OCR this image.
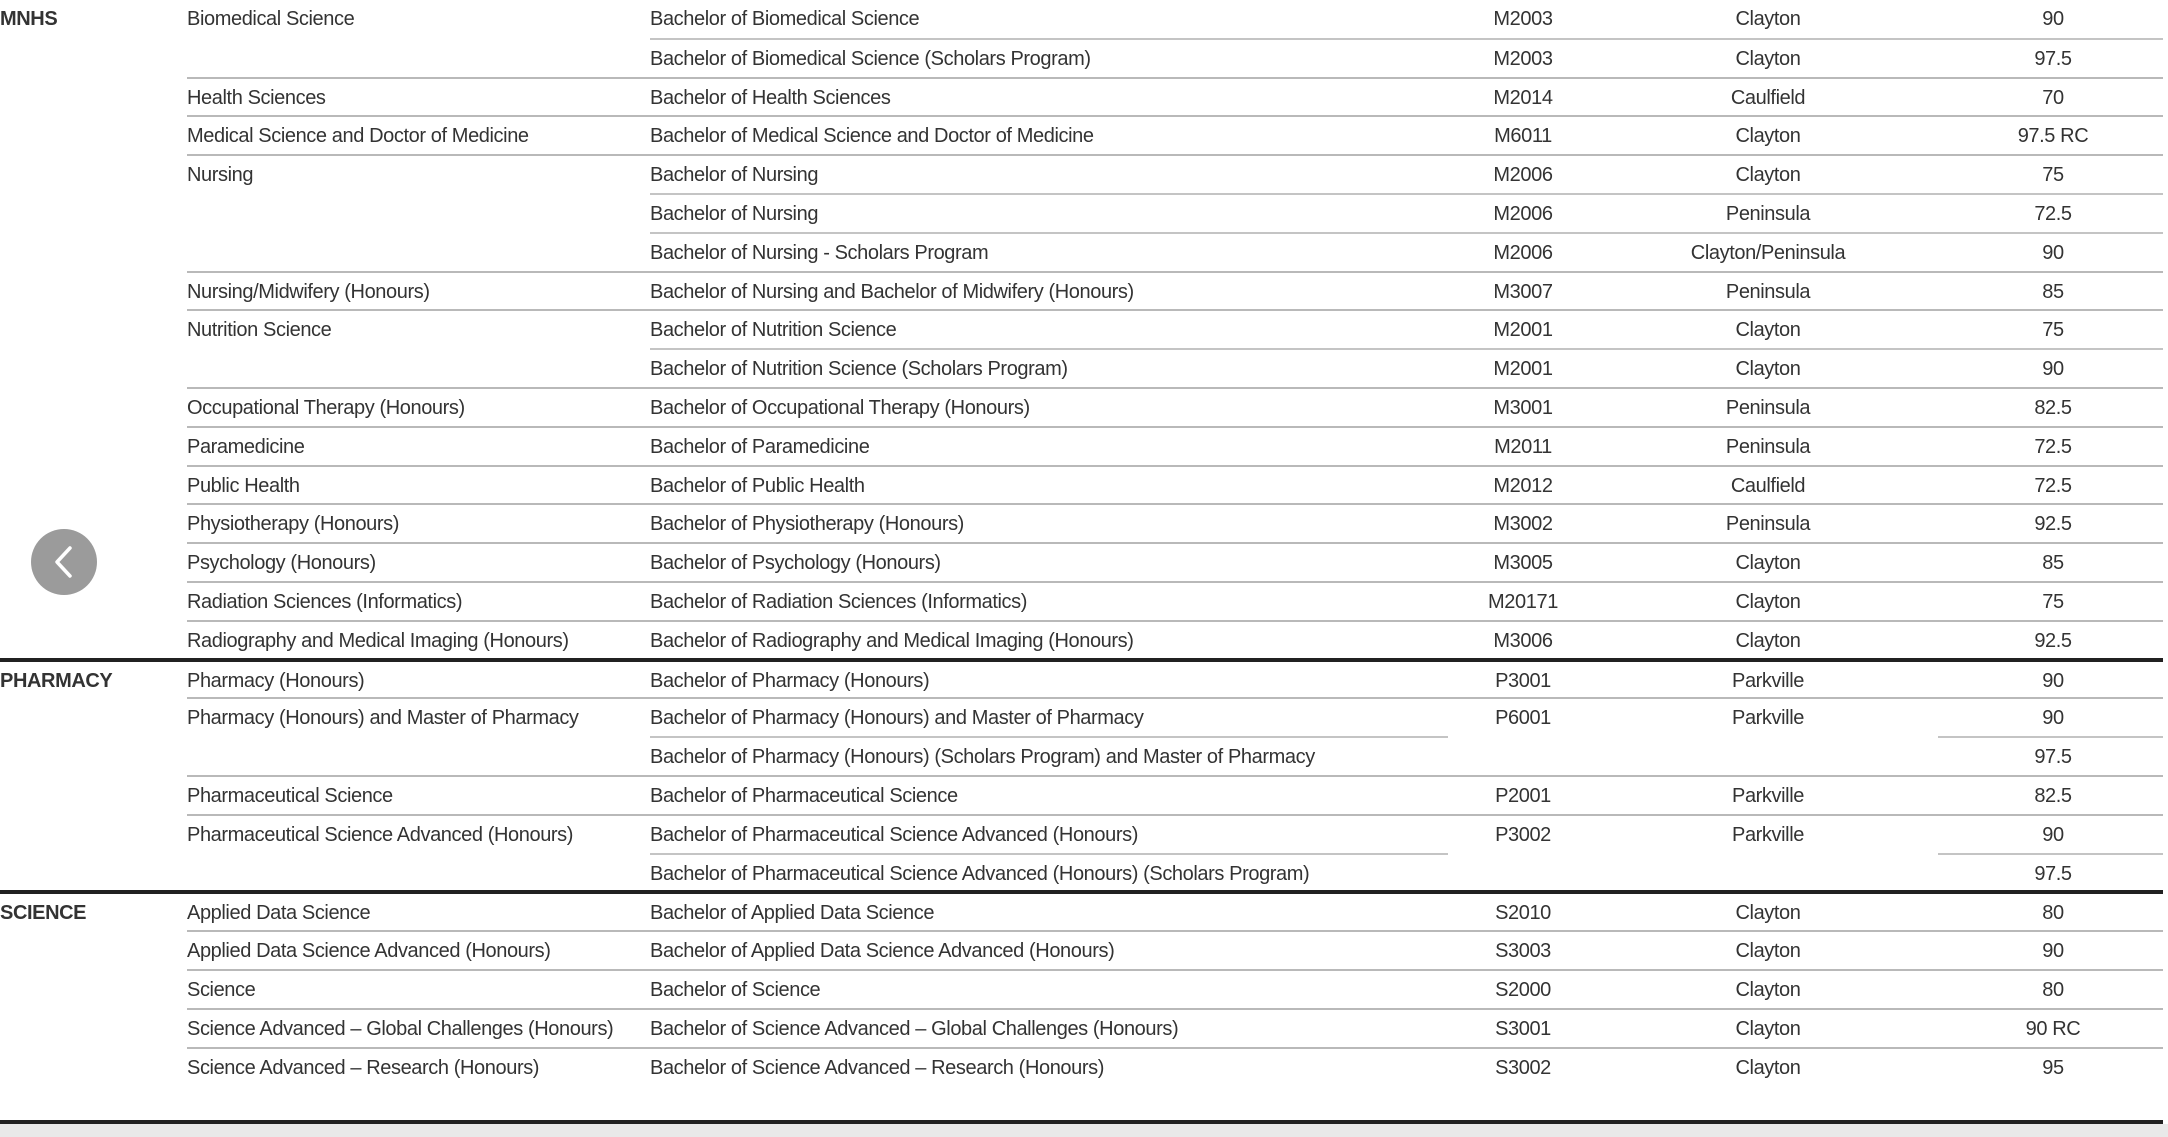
MNHS	Biomedical Science	Bachelor of Biomedical Science	M2003	Clayton	90
		Bachelor of Biomedical Science (Scholars Program)	M2003	Clayton	97.5
	Health Sciences	Bachelor of Health Sciences	M2014	Caulfield	70
	Medical Science and Doctor of Medicine	Bachelor of Medical Science and Doctor of Medicine	M6011	Clayton	97.5 RC
	Nursing	Bachelor of Nursing	M2006	Clayton	75
		Bachelor of Nursing	M2006	Peninsula	72.5
		Bachelor of Nursing - Scholars Program	M2006	Clayton/Peninsula	90
	Nursing/Midwifery (Honours)	Bachelor of Nursing and Bachelor of Midwifery (Honours)	M3007	Peninsula	85
	Nutrition Science	Bachelor of Nutrition Science	M2001	Clayton	75
		Bachelor of Nutrition Science (Scholars Program)	M2001	Clayton	90
	Occupational Therapy (Honours)	Bachelor of Occupational Therapy (Honours)	M3001	Peninsula	82.5
	Paramedicine	Bachelor of Paramedicine	M2011	Peninsula	72.5
	Public Health	Bachelor of Public Health	M2012	Caulfield	72.5
	Physiotherapy (Honours)	Bachelor of Physiotherapy (Honours)	M3002	Peninsula	92.5
	Psychology (Honours)	Bachelor of Psychology (Honours)	M3005	Clayton	85
	Radiation Sciences (Informatics)	Bachelor of Radiation Sciences (Informatics)	M20171	Clayton	75
	Radiography and Medical Imaging (Honours)	Bachelor of Radiography and Medical Imaging (Honours)	M3006	Clayton	92.5
PHARMACY	Pharmacy (Honours)	Bachelor of Pharmacy (Honours)	P3001	Parkville	90
	Pharmacy (Honours) and Master of Pharmacy	Bachelor of Pharmacy (Honours) and Master of Pharmacy	P6001	Parkville	90
		Bachelor of Pharmacy (Honours) (Scholars Program) and Master of Pharmacy			97.5
	Pharmaceutical Science	Bachelor of Pharmaceutical Science	P2001	Parkville	82.5
	Pharmaceutical Science Advanced (Honours)	Bachelor of Pharmaceutical Science Advanced (Honours)	P3002	Parkville	90
		Bachelor of Pharmaceutical Science Advanced (Honours) (Scholars Program)			97.5
SCIENCE	Applied Data Science	Bachelor of Applied Data Science	S2010	Clayton	80
	Applied Data Science Advanced (Honours)	Bachelor of Applied Data Science Advanced (Honours)	S3003	Clayton	90
	Science	Bachelor of Science	S2000	Clayton	80
	Science Advanced – Global Challenges (Honours)	Bachelor of Science Advanced – Global Challenges (Honours)	S3001	Clayton	90 RC
	Science Advanced – Research (Honours)	Bachelor of Science Advanced – Research (Honours)	S3002	Clayton	95
